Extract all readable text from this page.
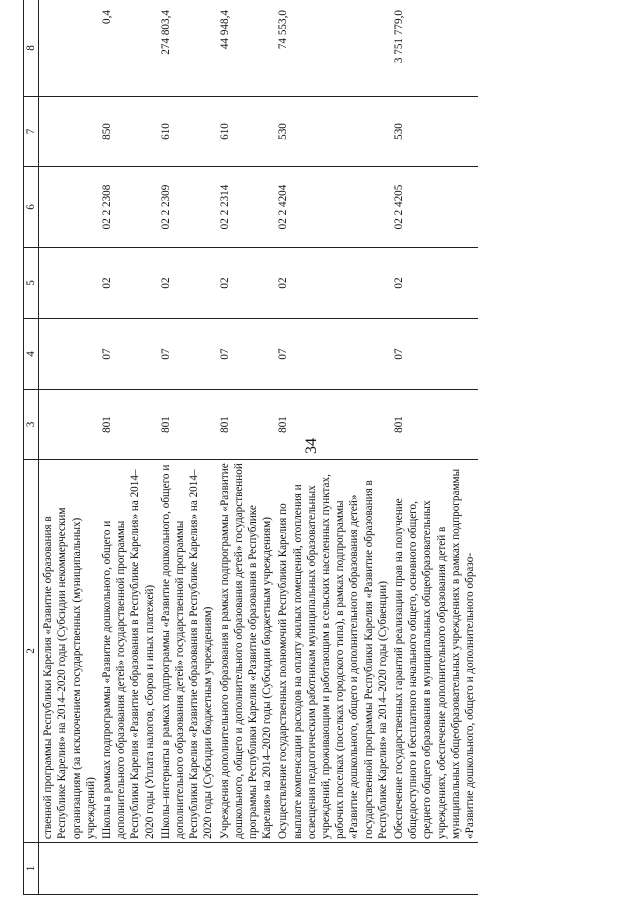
34
1	2	3	4	5	6	7	8
	ственной программы Республики Карелия «Развитие образования в Республике Карелия» на 2014–2020 годы (Субсидии некоммерческим организациям (за исключением государственных (муниципальных) учреждений)						
	Школы в рамках подпрограммы «Развитие дошкольного, общего и дополнительного образования детей» государственной программы Республики Карелия «Развитие образования в Республике Карелия» на 2014–2020 годы (Уплата налогов, сборов и иных платежей)	801	07	02	02 2 2308	850	0,4
	Школы–интернаты в рамках подпрограммы «Развитие дошкольного, общего и дополнительного образования детей» государственной программы Республики Карелия «Развитие образования в Республике Карелия» на 2014–2020 годы (Субсидии бюджетным учреждениям)	801	07	02	02 2 2309	610	274 803,4
	Учреждения дополнительного образования в рамках подпрограммы «Развитие дошкольного, общего и дополнительного образования детей» государственной программы Республики Карелия «Развитие образования в Республике Карелия» на 2014–2020 годы (Субсидии бюджетным учреждениям)	801	07	02	02 2 2314	610	44 948,4
	Осуществление государственных полномочий Республики Карелия по выплате компенсации расходов на оплату жилых помещений, отопления и освещения педагогическим работникам муниципальных образовательных учреждений, проживающим и работающим в сельских населенных пунктах, рабочих поселках (поселках городского типа), в рамках подпрограммы «Развитие дошкольного, общего и дополнительного образования детей» государственной программы Республики Карелия «Развитие образования в Республике Карелия» на 2014–2020 годы (Субвенции)	801	07	02	02 2 4204	530	74 553,0
	Обеспечение государственных гарантий реализации прав на получение общедоступного и бесплатного начального общего, основного общего, среднего общего образования в муниципальных общеобразовательных учреждениях, обеспечение дополнительного образования детей в муниципальных общеобразовательных учреждениях в рамках подпрограммы «Развитие дошкольного, общего и дополнительного образо-	801	07	02	02 2 4205	530	3 751 779,0
